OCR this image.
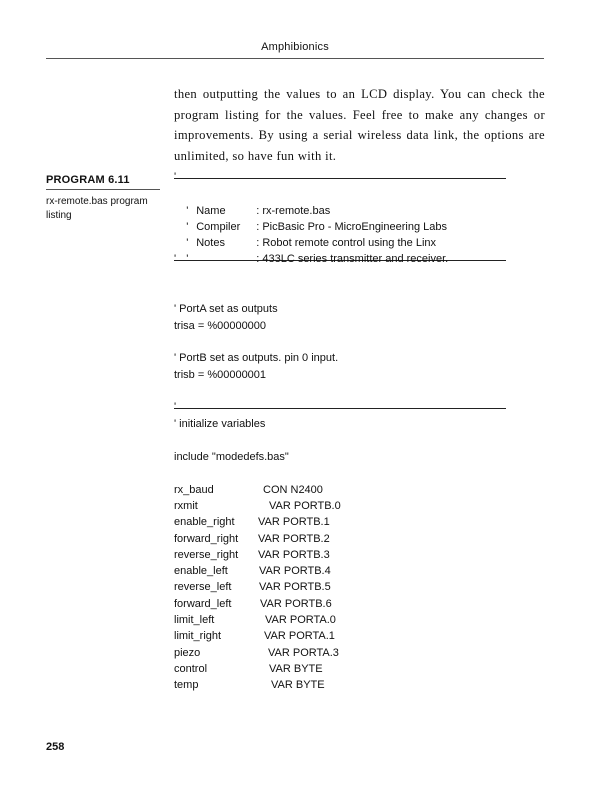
Amphibionics

then outputting the values to an LCD display. You can check the program listing for the values. Feel free to make any changes or improvements. By using a serial wireless data link, the options are unlimited, so have fun with it.

PROGRAM 6.11
rx-remote.bas program listing
'

' Name	: rx-remote.bas

' Compiler : PicBasic Pro - MicroEngineering Labs

' Notes	: Robot remote control using the Linx

'	: 433LC series transmitter and receiver.

'
' PortA set as outputs
trisa = %00000000
' PortB set as outputs. pin 0 input.
trisb = %00000001
'
' initialize variables
include "modedefs.bas"
rx_baud	CON N2400
rxmit	VAR PORTB.0
enable_right VAR PORTB.1
forward_right VAR PORTB.2
reverse_right VAR PORTB.3
enable_left	VAR PORTB.4
reverse_left	VAR PORTB.5
forward_left	VAR PORTB.6
limit_left	VAR PORTA.0
limit_right	VAR PORTA.1
piezo	VAR PORTA.3
control	VAR BYTE
temp	VAR BYTE
258
